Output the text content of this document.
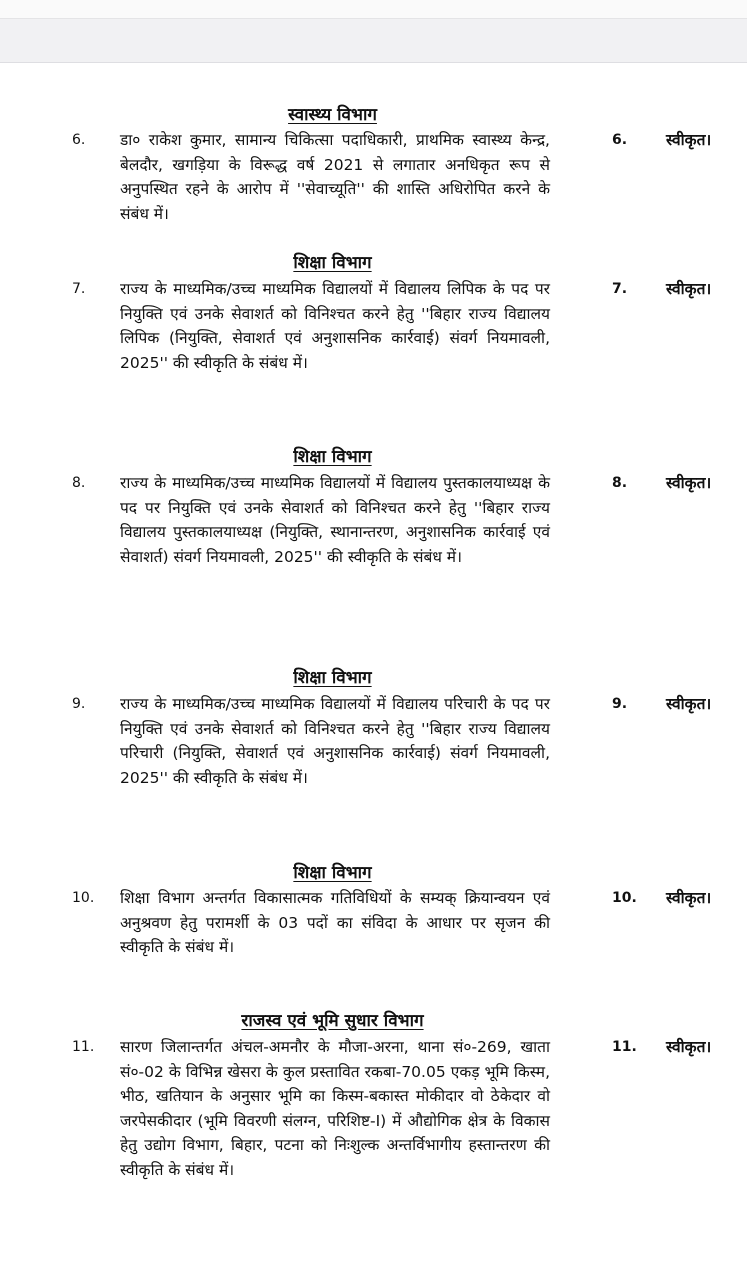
स्वास्थ्य विभाग
6.	डा० राकेश कुमार, सामान्य चिकित्सा पदाधिकारी, प्राथमिक स्वास्थ्य केन्द्र, बेलदौर, खगड़िया के विरूद्ध वर्ष 2021 से लगातार अनधिकृत रूप से अनुपस्थित रहने के आरोप में ''सेवाच्यूति'' की शास्ति अधिरोपित करने के संबंध में।
6.	स्वीकृत।
शिक्षा विभाग
7.	राज्य के माध्यमिक/उच्च माध्यमिक विद्यालयों में विद्यालय लिपिक के पद पर नियुक्ति एवं उनके सेवाशर्त को विनिश्चत करने हेतु ''बिहार राज्य विद्यालय लिपिक (नियुक्ति, सेवाशर्त एवं अनुशासनिक कार्रवाई) संवर्ग नियमावली, 2025'' की स्वीकृति के संबंध में।
7.	स्वीकृत।
शिक्षा विभाग
8.	राज्य के माध्यमिक/उच्च माध्यमिक विद्यालयों में विद्यालय पुस्तकालयाध्यक्ष के पद पर नियुक्ति एवं उनके सेवाशर्त को विनिश्चत करने हेतु ''बिहार राज्य विद्यालय पुस्तकालयाध्यक्ष (नियुक्ति, स्थानान्तरण, अनुशासनिक कार्रवाई एवं सेवाशर्त) संवर्ग नियमावली, 2025'' की स्वीकृति के संबंध में।
8.	स्वीकृत।
शिक्षा विभाग
9.	राज्य के माध्यमिक/उच्च माध्यमिक विद्यालयों में विद्यालय परिचारी के पद पर नियुक्ति एवं उनके सेवाशर्त को विनिश्चत करने हेतु ''बिहार राज्य विद्यालय परिचारी (नियुक्ति, सेवाशर्त एवं अनुशासनिक कार्रवाई) संवर्ग नियमावली, 2025'' की स्वीकृति के संबंध में।
9.	स्वीकृत।
शिक्षा विभाग
10.	शिक्षा विभाग अन्तर्गत विकासात्मक गतिविधियों के सम्यक् क्रियान्वयन एवं अनुश्रवण हेतु परामर्शी के 03 पदों का संविदा के आधार पर सृजन की स्वीकृति के संबंध में।
10.	स्वीकृत।
राजस्व एवं भूमि सुधार विभाग
11.	सारण जिलान्तर्गत अंचल-अमनौर के मौजा-अरना, थाना सं०-269, खाता सं०-02 के विभिन्न खेसरा के कुल प्रस्तावित रकबा-70.05 एकड़ भूमि किस्म, भीठ, खतियान के अनुसार भूमि का किस्म-बकास्त मोकीदार वो ठेकेदार वो जरपेसकीदार (भूमि विवरणी संलग्न, परिशिष्ट-I) में औद्योगिक क्षेत्र के विकास हेतु उद्योग विभाग, बिहार, पटना को निःशुल्क अन्तर्विभागीय हस्तान्तरण की स्वीकृति के संबंध में।
11.	स्वीकृत।
